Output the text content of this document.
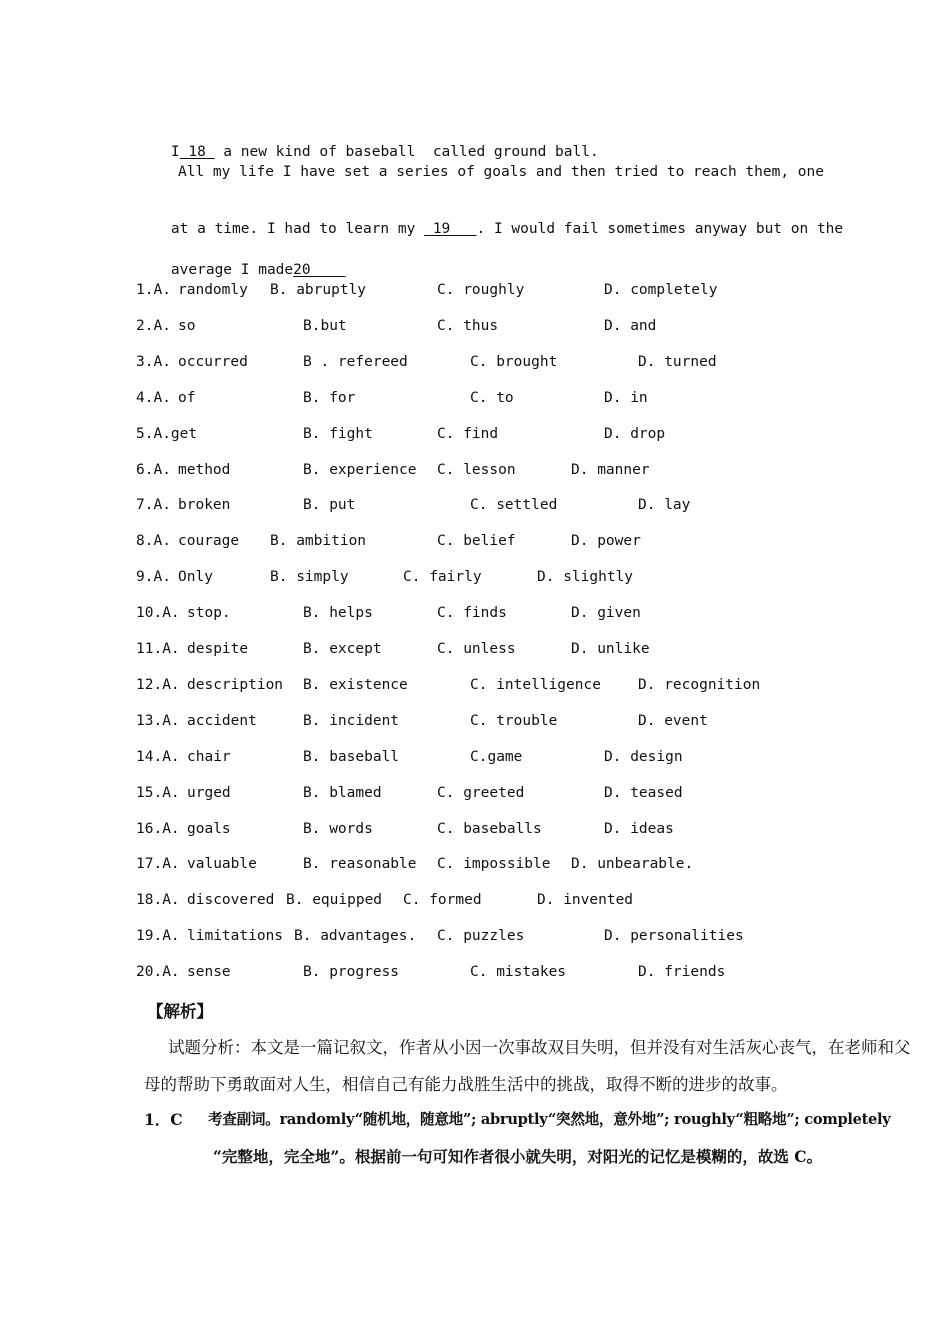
I 18  a new kind of baseball  called ground ball.

All my life I have set a series of goals and then tried to reach them, one

at a time. I had to learn my  19   . I would fail sometimes anyway but on the

average I made20

1.A. randomly B. abruptly	C. roughly	D. completely
2.A. so	B.but	C. thus	D. and
3.A. occurred	B . refereed	C. brought	D. turned
4.A. of	B. for	C. to	D. in
5.A.get	B. fight	C. find	D. drop
6.A. method	B. experience C. lesson	D. manner
7.A. broken	B. put	C. settled	D. lay
8.A. courage B. ambition	C. belief	D. power
9.A. Only	B. simply	C. fairly	D. slightly
10.A. stop.	B. helps	C. finds	D. given
11.A. despite	B. except	C. unless	D. unlike
12.A. description B. existence	C. intelligence	D. recognition
13.A. accident	B. incident	C. trouble	D. event
14.A. chair	B. baseball	C.game	D. design
15.A. urged	B. blamed	C. greeted	D. teased
16.A. goals	B. words	C. baseballs	D. ideas
17.A. valuable	B. reasonable C. impossible D. unbearable.
18.A. discovered B. equipped C. formed	D. invented
19.A. limitations B. advantages. C. puzzles	D. personalities
20.A. sense	B. progress	C. mistakes	D. friends
【解析】
试题分析：本文是一篇记叙文，作者从小因一次事故双目失明，但并没有对生活灰心丧气，在老师和父
母的帮助下勇敢面对人生，相信自己有能力战胜生活中的挑战，取得不断的进步的故事。
1．C 考查副词。randomly“随机地，随意地”; abruptly“突然地，意外地”; roughly“粗略地”; completely
“完整地，完全地”。根据前一句可知作者很小就失明，对阳光的记忆是模糊的，故选 C。
